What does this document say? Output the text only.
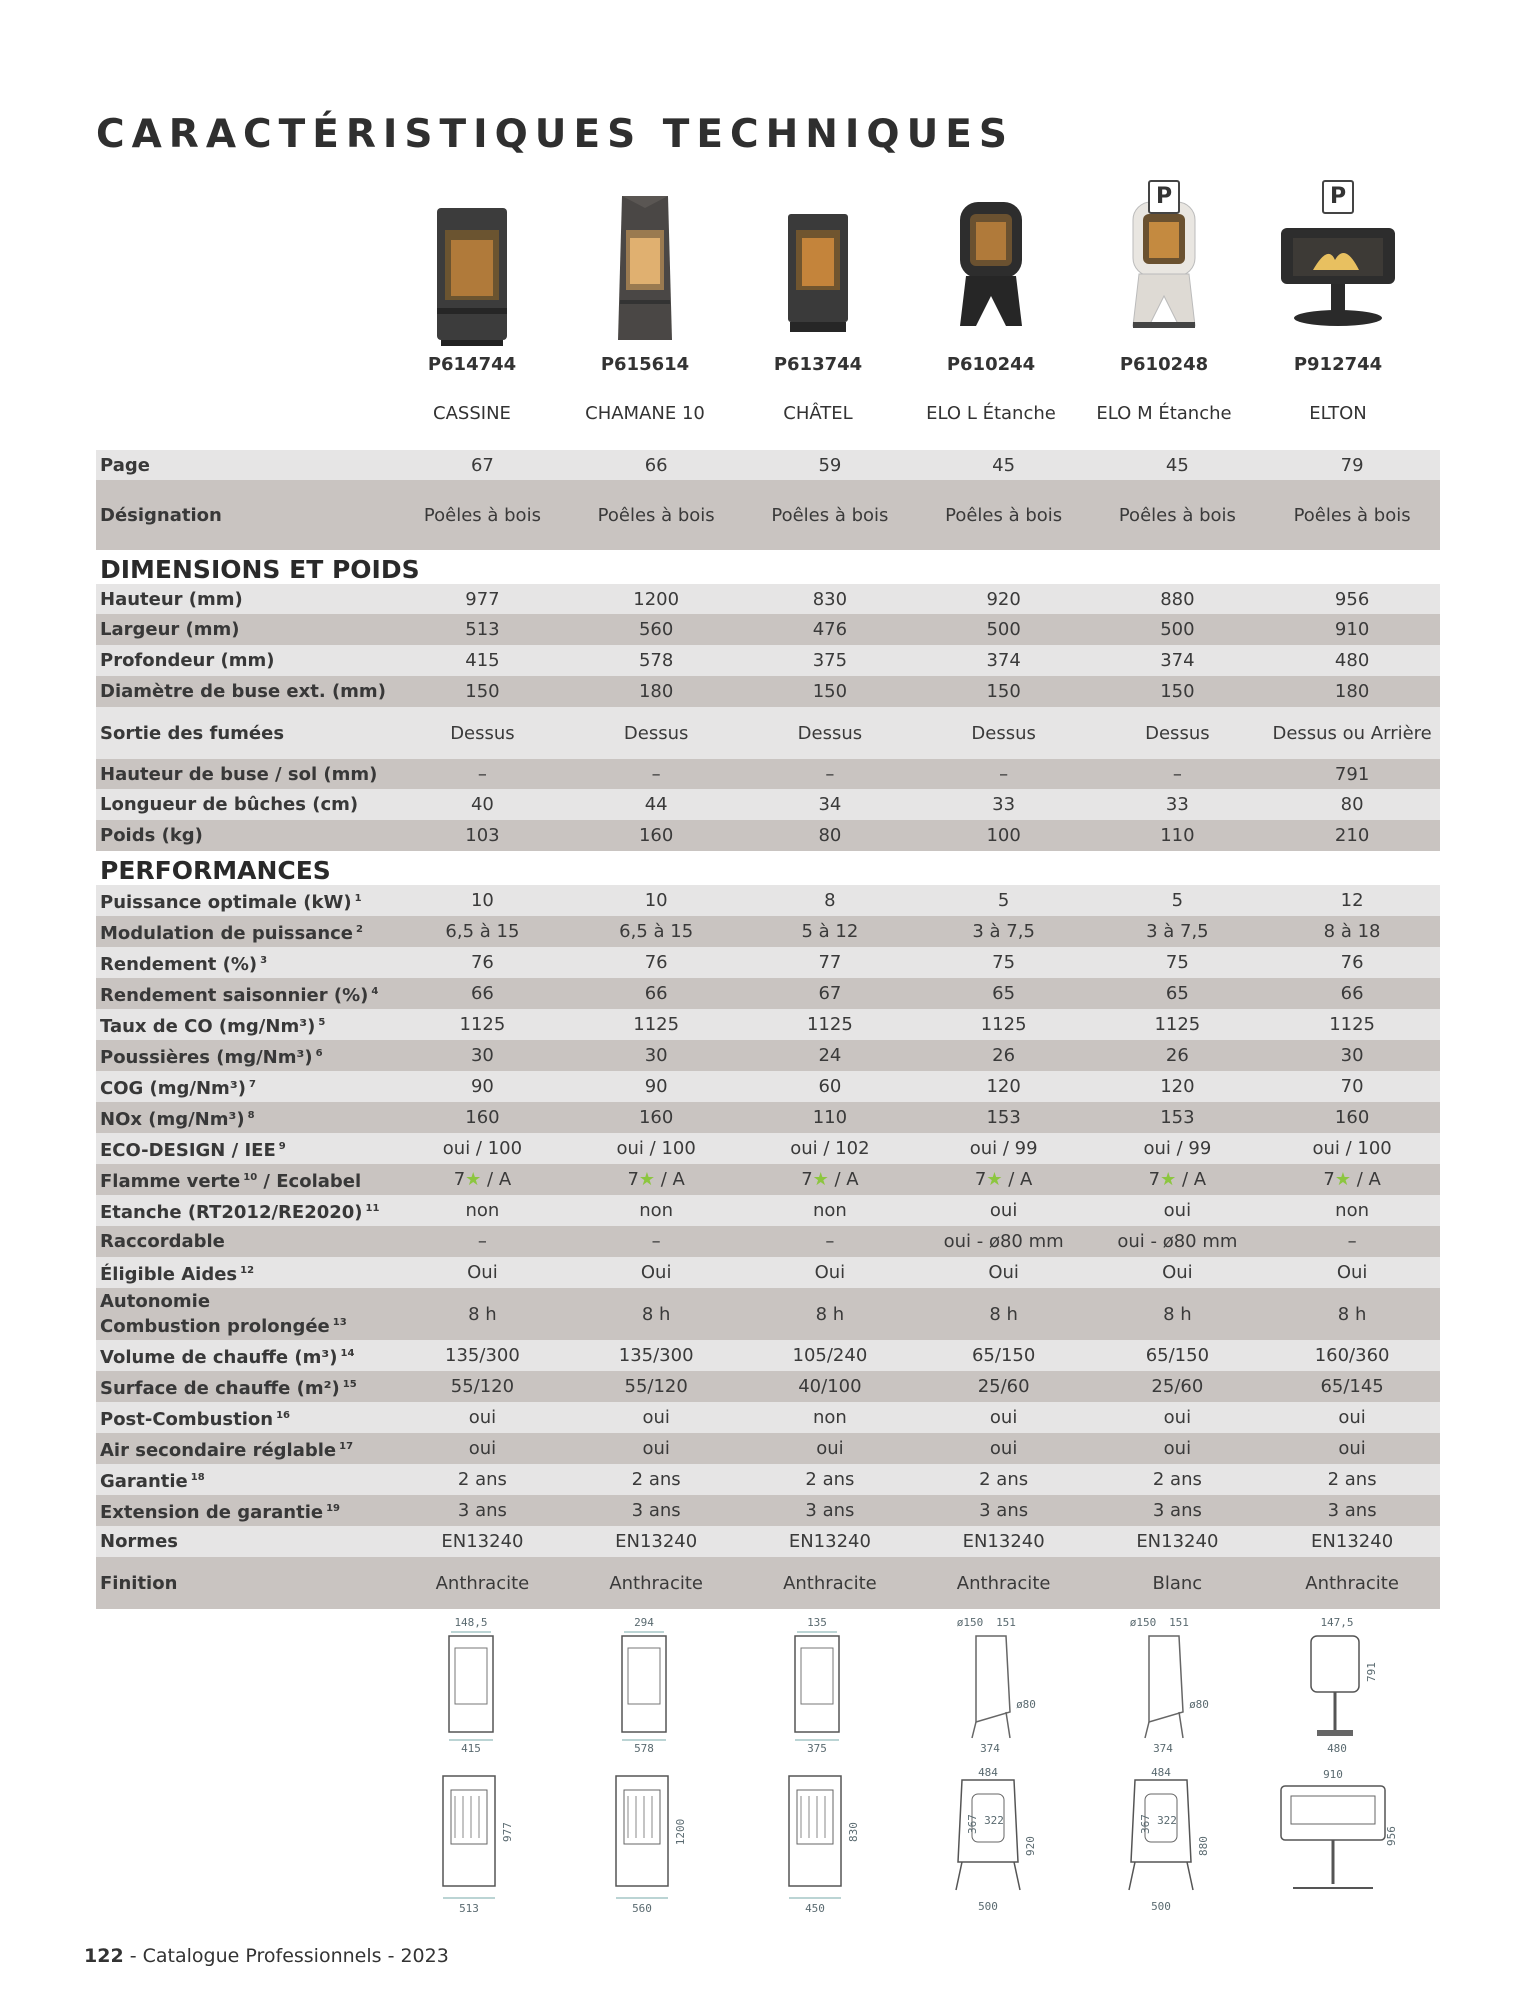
CARACTÉRISTIQUES TECHNIQUES
P614744
CASSINE
P615614
CHAMANE 10
P613744
CHÂTEL
P610244
ELO L Étanche
P
P610248
ELO M Étanche
P
P912744
ELTON
Page	67	66	59	45	45	79
Désignation	Poêles à bois	Poêles à bois	Poêles à bois	Poêles à bois	Poêles à bois	Poêles à bois
DIMENSIONS ET POIDS
Hauteur (mm)	977	1200	830	920	880	956
Largeur (mm)	513	560	476	500	500	910
Profondeur (mm)	415	578	375	374	374	480
Diamètre de buse ext. (mm)	150	180	150	150	150	180
Sortie des fumées	Dessus	Dessus	Dessus	Dessus	Dessus	Dessus ou Arrière
Hauteur de buse / sol (mm)	–	–	–	–	–	791
Longueur de bûches (cm)	40	44	34	33	33	80
Poids (kg)	103	160	80	100	110	210
PERFORMANCES
Puissance optimale (kW) $^1$	10	10	8	5	5	12
Modulation de puissance $^2$	6,5 à 15	6,5 à 15	5 à 12	3 à 7,5	3 à 7,5	8 à 18
Rendement (%) $^3$	76	76	77	75	75	76
Rendement saisonnier (%) $^4$	66	66	67	65	65	66
Taux de CO (mg/Nm³) $^5$	1125	1125	1125	1125	1125	1125
Poussières (mg/Nm³) $^6$	30	30	24	26	26	30
COG (mg/Nm³) $^7$	90	90	60	120	120	70
NOx (mg/Nm³) $^8$	160	160	110	153	153	160
ECO-DESIGN / IEE $^9$	oui / 100	oui / 100	oui / 102	oui / 99	oui / 99	oui / 100
Flamme verte $^{10}$ / Ecolabel	7★ / A	7★ / A	7★ / A	7★ / A	7★ / A	7★ / A
Etanche (RT2012/RE2020) $^{11}$	non	non	non	oui	oui	non
Raccordable	–	–	–	oui - ø80 mm	oui - ø80 mm	–
Éligible Aides $^{12}$	Oui	Oui	Oui	Oui	Oui	Oui
Autonomie
Combustion prolongée $^{13}$	8 h	8 h	8 h	8 h	8 h	8 h
Volume de chauffe (m³) $^{14}$	135/300	135/300	105/240	65/150	65/150	160/360
Surface de chauffe (m²) $^{15}$	55/120	55/120	40/100	25/60	25/60	65/145
Post-Combustion $^{16}$	oui	oui	non	oui	oui	oui
Air secondaire réglable $^{17}$	oui	oui	oui	oui	oui	oui
Garantie $^{18}$	2 ans	2 ans	2 ans	2 ans	2 ans	2 ans
Extension de garantie $^{19}$	3 ans	3 ans	3 ans	3 ans	3 ans	3 ans
Normes	EN13240	EN13240	EN13240	EN13240	EN13240	EN13240
Finition	Anthracite	Anthracite	Anthracite	Anthracite	Blanc	Anthracite
148,5
415
513
977
294
578
560
1200
135
375
450
830
ø150 151
ø80
374
484
367 322
500
920
ø150 151
ø80
374
484
367 322
500
880
147,5
791
480
910
956
122 - Catalogue Professionnels - 2023
